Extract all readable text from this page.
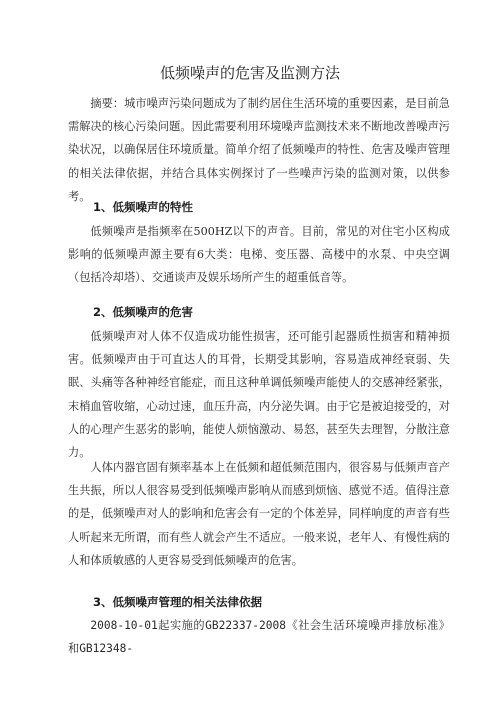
低频噪声的危害及监测方法

摘要：城市噪声污染问题成为了制约居住生活环境的重要因素，是目前急需解决的核心污染问题。因此需要利用环境噪声监测技术来不断地改善噪声污染状况，以确保居住环境质量。简单介绍了低频噪声的特性、危害及噪声管理的相关法律依据，并结合具体实例探讨了一些噪声污染的监测对策，以供参考。

1、低频噪声的特性

低频噪声是指频率在500HZ以下的声音。目前，常见的对住宅小区构成影响的低频噪声源主要有6大类：电梯、变压器、高楼中的水泵、中央空调（包括冷却塔）、交通谈声及娱乐场所产生的超重低音等。

2、低频噪声的危害

低频噪声对人体不仅造成功能性损害，还可能引起器质性损害和精神损害。低频噪声由于可直达人的耳骨，长期受其影响，容易造成神经衰弱、失眠、头痛等各种神经官能症，而且这种单调低频噪声能使人的交感神经紧张，末梢血管收缩，心动过速，血压升高，内分泌失调。由于它是被迫接受的，对人的心理产生恶劣的影响，能使人烦恼激动、易怒，甚至失去理智，分散注意力。

人体内器官固有频率基本上在低频和超低频范围内，很容易与低频声音产生共振，所以人很容易受到低频噪声影响从而感到烦恼、感觉不适。值得注意的是，低频噪声对人的影响和危害会有一定的个体差异，同样响度的声音有些人听起来无所谓，而有些人就会产生不适应。一般来说，老年人、有慢性病的人和体质敏感的人更容易受到低频噪声的危害。

3、低频噪声管理的相关法律依据

2008-10-01起实施的GB22337-2008《社会生活环境噪声排放标准》和GB12348-
